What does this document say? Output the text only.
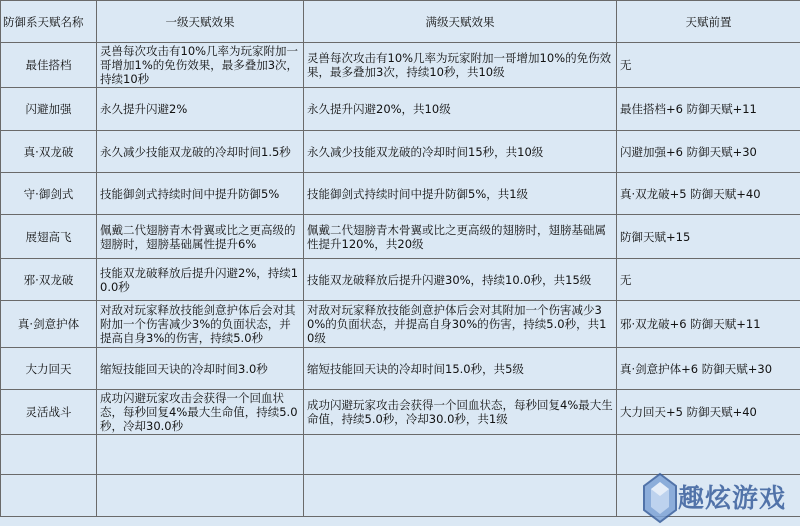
防御系天赋名称	一级天赋效果	满级天赋效果	天赋前置
最佳搭档	灵兽每次攻击有10%几率为玩家附加一哥增加1%的免伤效果，最多叠加3次，持续10秒	灵兽每次攻击有10%几率为玩家附加一哥增加10%的免伤效果，最多叠加3次，持续10秒，共10级	无
闪避加强	永久提升闪避2%	永久提升闪避20%，共10级	最佳搭档+6 防御天赋+11
真·双龙破	永久减少技能双龙破的冷却时间1.5秒	永久减少技能双龙破的冷却时间15秒，共10级	闪避加强+6 防御天赋+30
守·御剑式	技能御剑式持续时间中提升防御5%	技能御剑式持续时间中提升防御5%，共1级	真·双龙破+5 防御天赋+40
展翅高飞	佩戴二代翅膀青木骨翼或比之更高级的翅膀时，翅膀基础属性提升6%	佩戴二代翅膀青木骨翼或比之更高级的翅膀时，翅膀基础属性提升120%，共20级	防御天赋+15
邪·双龙破	技能双龙破释放后提升闪避2%，持续10.0秒	技能双龙破释放后提升闪避30%，持续10.0秒，共15级	无
真·剑意护体	对敌对玩家释放技能剑意护体后会对其附加一个伤害减少3%的负面状态，并提高自身3%的伤害，持续5.0秒	对敌对玩家释放技能剑意护体后会对其附加一个伤害减少30%的负面状态，并提高自身30%的伤害，持续5.0秒，共10级	邪·双龙破+6 防御天赋+11
大力回天	缩短技能回天诀的冷却时间3.0秒	缩短技能回天诀的冷却时间15.0秒，共5级	真·剑意护体+6 防御天赋+30
灵活战斗	成功闪避玩家攻击会获得一个回血状态，每秒回复4%最大生命值，持续5.0秒，冷却30.0秒	成功闪避玩家攻击会获得一个回血状态，每秒回复4%最大生命值，持续5.0秒，冷却30.0秒，共1级	大力回天+5 防御天赋+40

趣炫游戏
